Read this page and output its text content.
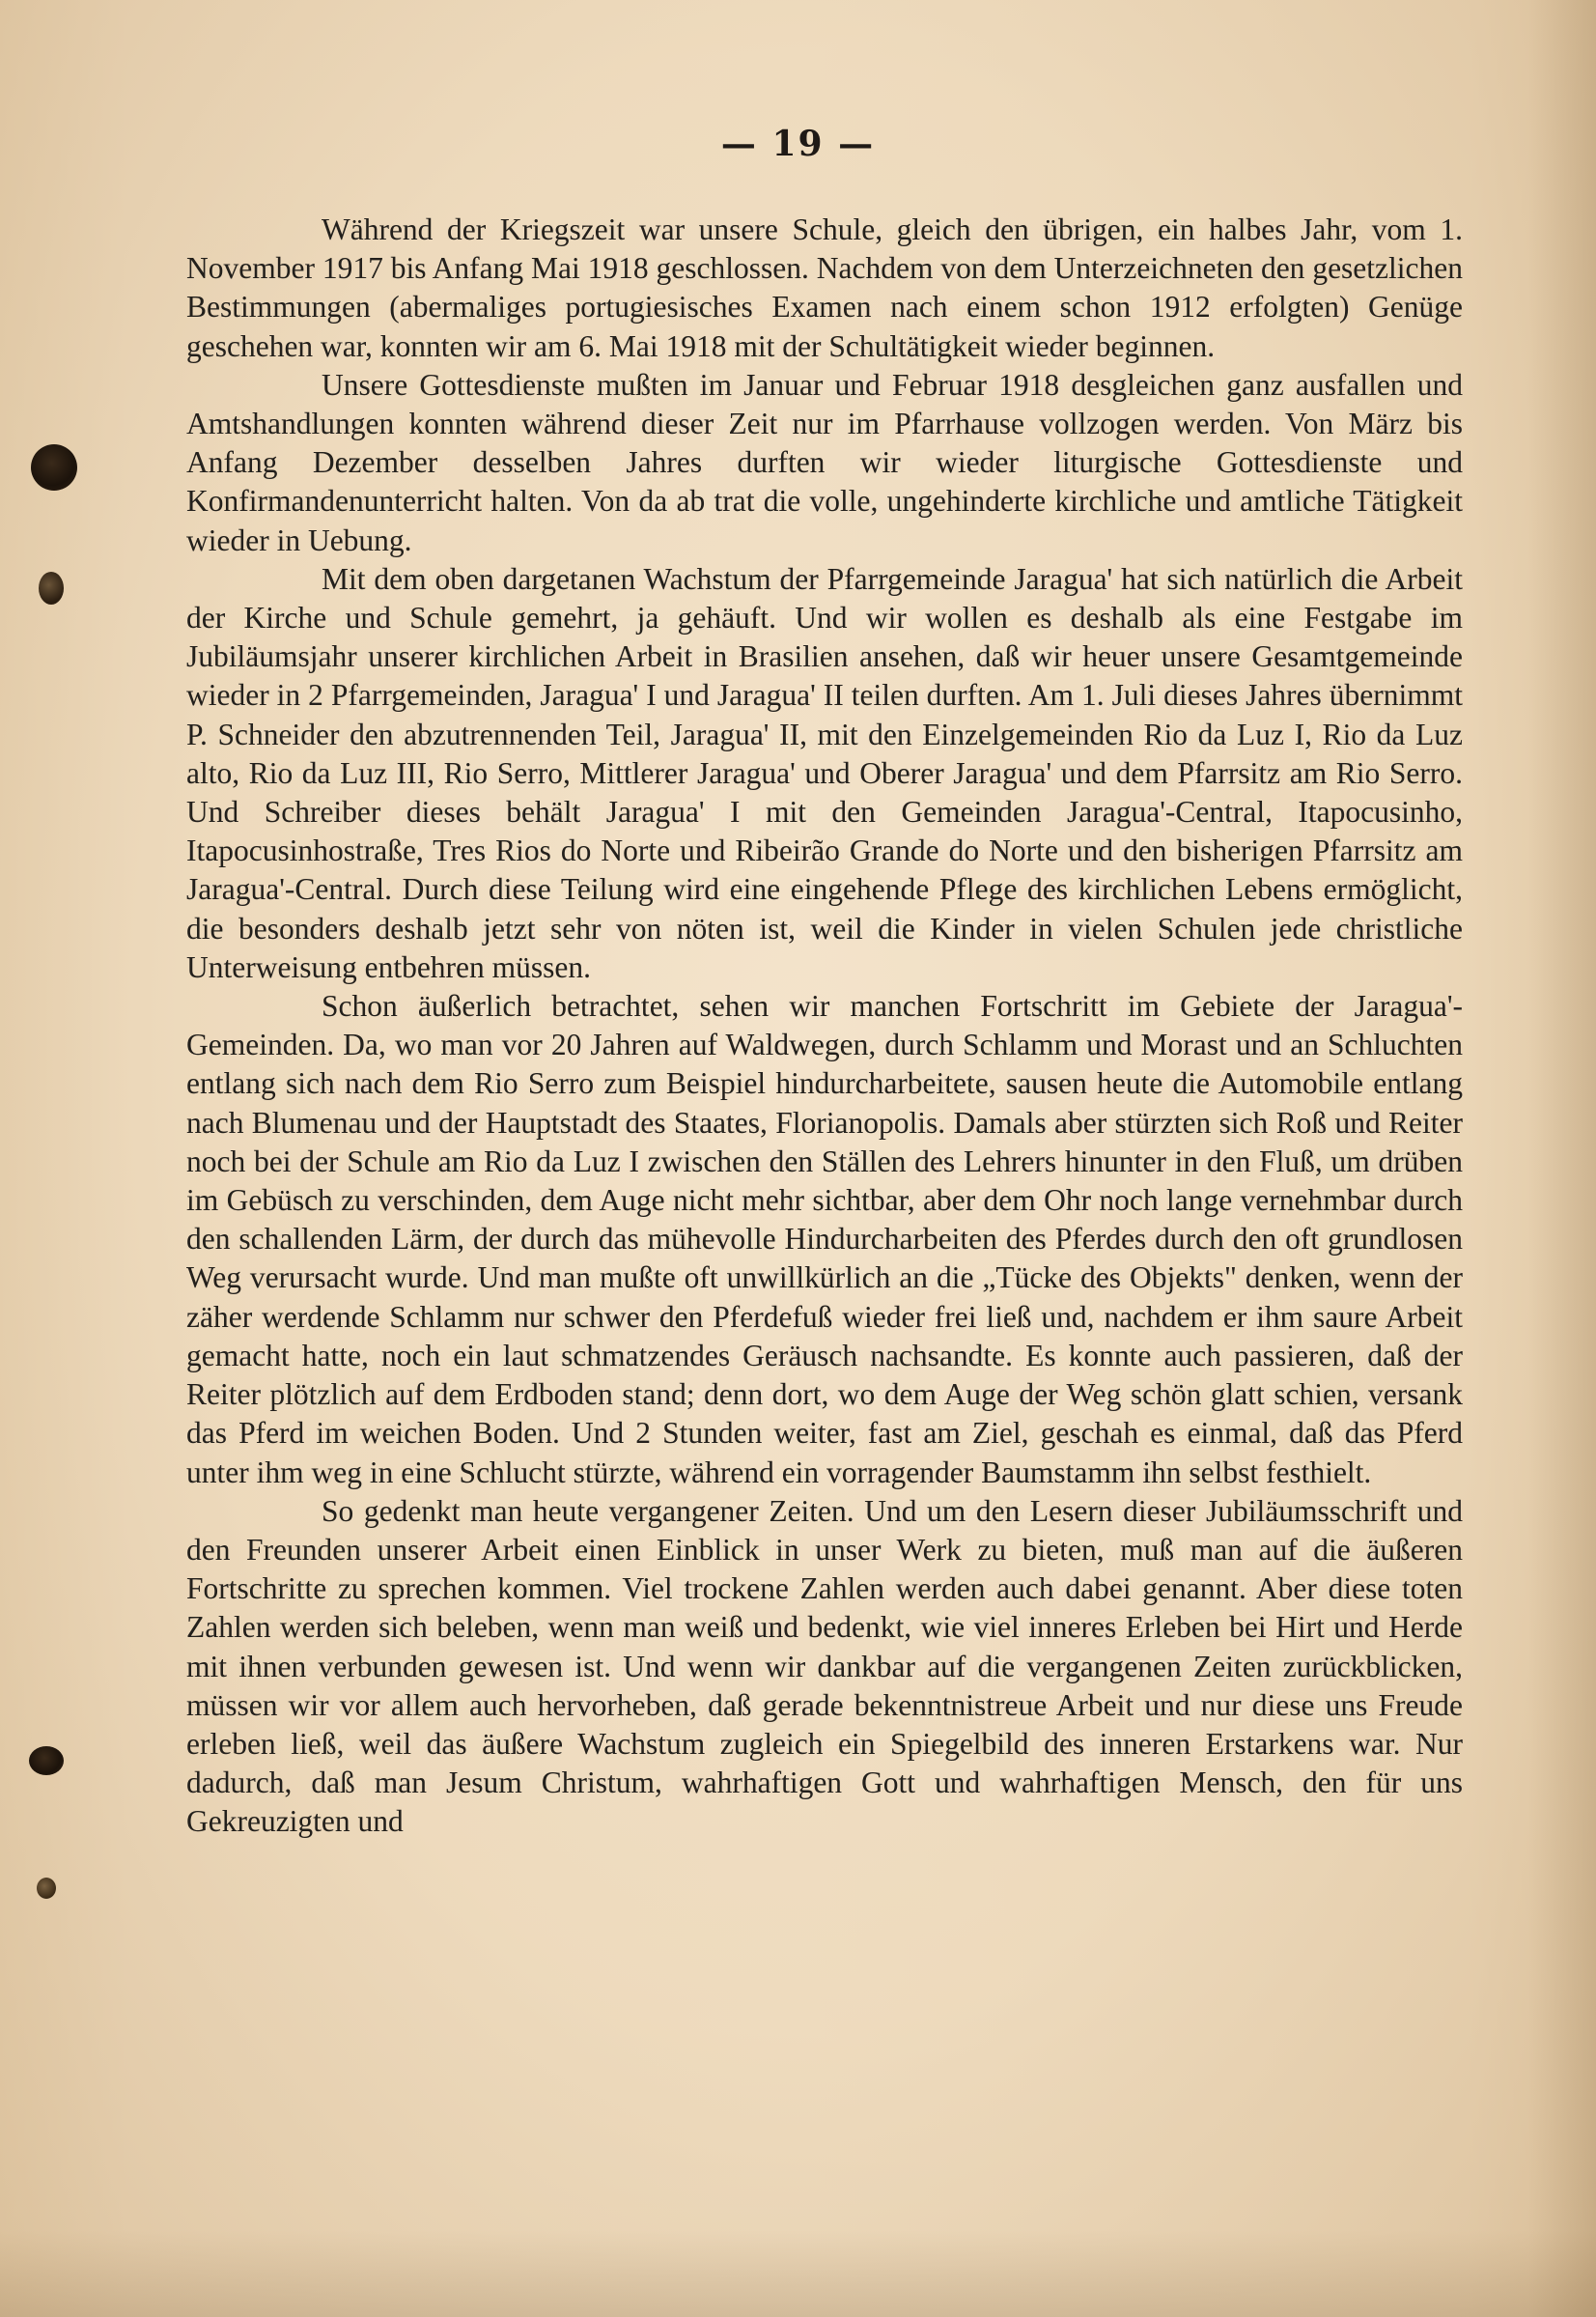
— 19 —

Während der Kriegszeit war unsere Schule, gleich den übrigen, ein halbes Jahr, vom 1. November 1917 bis Anfang Mai 1918 geschlossen. Nachdem von dem Unterzeichneten den gesetzlichen Bestimmungen (abermaliges portugiesisches Examen nach einem schon 1912 erfolgten) Genüge geschehen war, konnten wir am 6. Mai 1918 mit der Schultätigkeit wieder beginnen.

Unsere Gottesdienste mußten im Januar und Februar 1918 desgleichen ganz ausfallen und Amtshandlungen konnten während dieser Zeit nur im Pfarrhause vollzogen werden. Von März bis Anfang Dezember desselben Jahres durften wir wieder liturgische Gottesdienste und Konfirmandenunterricht halten. Von da ab trat die volle, ungehinderte kirchliche und amtliche Tätigkeit wieder in Uebung.

Mit dem oben dargetanen Wachstum der Pfarrgemeinde Jaragua' hat sich natürlich die Arbeit der Kirche und Schule gemehrt, ja gehäuft. Und wir wollen es deshalb als eine Festgabe im Jubiläumsjahr unserer kirchlichen Arbeit in Brasilien ansehen, daß wir heuer unsere Gesamtgemeinde wieder in 2 Pfarrgemeinden, Jaragua' I und Jaragua' II teilen durften. Am 1. Juli dieses Jahres übernimmt P. Schneider den abzutrennenden Teil, Jaragua' II, mit den Einzelgemeinden Rio da Luz I, Rio da Luz alto, Rio da Luz III, Rio Serro, Mittlerer Jaragua' und Oberer Jaragua' und dem Pfarrsitz am Rio Serro. Und Schreiber dieses behält Jaragua' I mit den Gemeinden Jaragua'-Central, Itapocusinho, Itapocusinhostraße, Tres Rios do Norte und Ribeirão Grande do Norte und den bisherigen Pfarrsitz am Jaragua'-Central. Durch diese Teilung wird eine eingehende Pflege des kirchlichen Lebens ermöglicht, die besonders deshalb jetzt sehr von nöten ist, weil die Kinder in vielen Schulen jede christliche Unterweisung entbehren müssen.

Schon äußerlich betrachtet, sehen wir manchen Fortschritt im Gebiete der Jaragua'-Gemeinden. Da, wo man vor 20 Jahren auf Waldwegen, durch Schlamm und Morast und an Schluchten entlang sich nach dem Rio Serro zum Beispiel hindurcharbeitete, sausen heute die Automobile entlang nach Blumenau und der Hauptstadt des Staates, Florianopolis. Damals aber stürzten sich Roß und Reiter noch bei der Schule am Rio da Luz I zwischen den Ställen des Lehrers hinunter in den Fluß, um drüben im Gebüsch zu verschinden, dem Auge nicht mehr sichtbar, aber dem Ohr noch lange vernehmbar durch den schallenden Lärm, der durch das mühevolle Hindurcharbeiten des Pferdes durch den oft grundlosen Weg verursacht wurde. Und man mußte oft unwillkürlich an die „Tücke des Objekts" denken, wenn der zäher werdende Schlamm nur schwer den Pferdefuß wieder frei ließ und, nachdem er ihm saure Arbeit gemacht hatte, noch ein laut schmatzendes Geräusch nachsandte. Es konnte auch passieren, daß der Reiter plötzlich auf dem Erdboden stand; denn dort, wo dem Auge der Weg schön glatt schien, versank das Pferd im weichen Boden. Und 2 Stunden weiter, fast am Ziel, geschah es einmal, daß das Pferd unter ihm weg in eine Schlucht stürzte, während ein vorragender Baumstamm ihn selbst festhielt.

So gedenkt man heute vergangener Zeiten. Und um den Lesern dieser Jubiläumsschrift und den Freunden unserer Arbeit einen Einblick in unser Werk zu bieten, muß man auf die äußeren Fortschritte zu sprechen kommen. Viel trockene Zahlen werden auch dabei genannt. Aber diese toten Zahlen werden sich beleben, wenn man weiß und bedenkt, wie viel inneres Erleben bei Hirt und Herde mit ihnen verbunden gewesen ist. Und wenn wir dankbar auf die vergangenen Zeiten zurückblicken, müssen wir vor allem auch hervorheben, daß gerade bekenntnistreue Arbeit und nur diese uns Freude erleben ließ, weil das äußere Wachstum zugleich ein Spiegelbild des inneren Erstarkens war. Nur dadurch, daß man Jesum Christum, wahrhaftigen Gott und wahrhaftigen Mensch, den für uns Gekreuzigten und
